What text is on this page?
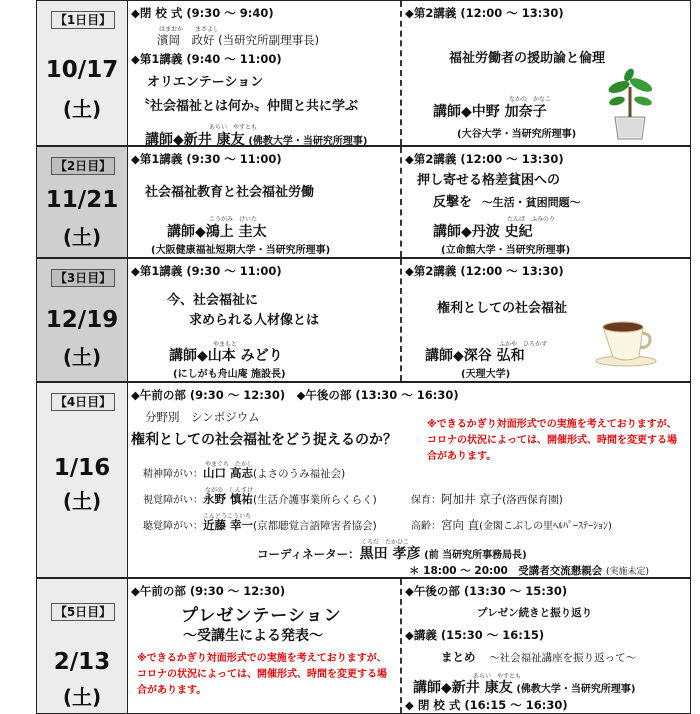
【1日目】
10/17
(土)
◆閉 校 式 (9:30 ～ 9:40)
はまおか まさよし
濱岡　政好 (当研究所副理事長)
◆第1講義 (9:40 ～ 11:00)
オリエンテーション
〝社会福祉とは何か〟仲間と共に学ぶ
あらい　やすとも
講師◆新井 康友 (佛教大学・当研究所理事)
◆第2講義 (12:00 ～ 13:30)
福祉労働者の援助論と倫理
なかの　かなこ
講師◆中野 加奈子
(大谷大学・当研究所理事)
【2日目】
11/21
(土)
◆第1講義 (9:30 ～ 11:00)
社会福祉教育と社会福祉労働
こうがみ　けいた
講師◆鴻上 圭太
(大阪健康福祉短期大学・当研究所理事)
◆第2講義 (12:00 ～ 13:30)
押し寄せる格差貧困への
反撃を ～生活・貧困問題～
たんば　ふみのり
講師◆丹波 史紀
(立命館大学・当研究所理事)
【3日目】
12/19
(土)
◆第1講義 (9:30 ～ 11:00)
今、社会福祉に
求められる人材像とは
やまもと
講師◆山本 みどり
(にしがも舟山庵 施設長)
◆第2講義 (12:00 ～ 13:30)
権利としての社会福祉
ふかや　ひろかず
講師◆深谷 弘和
(天理大学)
【4日目】
1/16
(土)
◆午前の部 (9:30 ～ 12:30)　◆午後の部 (13:30 ～ 16:30)
分野別　シンポジウム
権利としての社会福祉をどう捉えるのか？
※できるかぎり対面形式での実施を考えておりますが、コロナの状況によっては、開催形式、時間を変更する場合があります。
やまぐち　たかし
精神障がい：山口 高志(よさのうみ福祉会)
ながの　しんすけ
視覚障がい：永野 慎祐(生活介護事業所らくらく)
こんどうこういち
聴覚障がい：近藤 幸一(京都聴覚言語障害者協会)
保育：阿加井 京子(洛西保育園)
高齢：宮向 直(金閣こぶしの里ﾍﾙﾊﾟｰｽﾃｰｼｮﾝ)
くろだ　たかひこ
コーディネーター：黒田 孝彦 (前 当研究所事務局長)
＊ 18:00 ～ 20:00　受講者交流懇親会 (実施未定)
【5日目】
2/13
(土)
◆午前の部 (9:30 ～ 12:30)
プレゼンテーション
～受講生による発表～
※できるかぎり対面形式での実施を考えておりますが、コロナの状況によっては、開催形式、時間を変更する場合があります。
◆午後の部 (13:30 ～ 15:30)
プレゼン続きと振り返り
◆講義 (15:30 ～ 16:15)
まとめ ～社会福祉講座を振り返って～
あらい　やすとも
講師◆新井 康友 (佛教大学・当研究所理事)
◆ 閉 校 式 (16:15 ～ 16:30)
